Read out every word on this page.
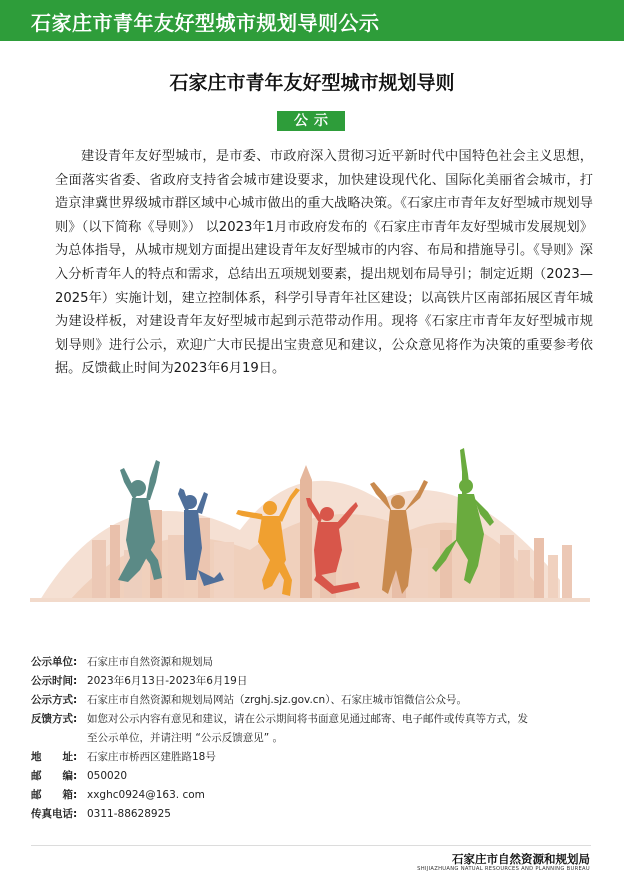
石家庄市青年友好型城市规划导则公示
石家庄市青年友好型城市规划导则
公示
建设青年友好型城市，是市委、市政府深入贯彻习近平新时代中国特色社会主义思想，全面落实省委、省政府支持省会城市建设要求，加快建设现代化、国际化美丽省会城市，打造京津冀世界级城市群区域中心城市做出的重大战略决策。《石家庄市青年友好型城市规划导则》（以下简称《导则》） 以2023年1月市政府发布的《石家庄市青年友好型城市发展规划》为总体指导，从城市规划方面提出建设青年友好型城市的内容、布局和措施导引。《导则》深入分析青年人的特点和需求，总结出五项规划要素，提出规划布局导引；制定近期（2023—2025年）实施计划，建立控制体系，科学引导青年社区建设；以高铁片区南部拓展区青年城为建设样板，对建设青年友好型城市起到示范带动作用。现将《石家庄市青年友好型城市规划导则》进行公示，欢迎广大市民提出宝贵意见和建议，公众意见将作为决策的重要参考依据。反馈截止时间为2023年6月19日。
公示单位: 石家庄市自然资源和规划局
公示时间: 2023年6月13日-2023年6月19日
公示方式: 石家庄市自然资源和规划局网站（zrghj.sjz.gov.cn）、石家庄城市馆微信公众号。
反馈方式: 如您对公示内容有意见和建议，请在公示期间将书面意见通过邮寄、电子邮件或传真等方式，发至公示单位，并请注明 “公示反馈意见” 。
地　　址: 石家庄市桥西区建胜路18号
邮　　编: 050020
邮　　箱: xxghc0924@163. com
传真电话: 0311-88628925
石家庄市自然资源和规划局
SHIJIAZHUANG NATUAL RESOURCES AND PLANNING BUREAU
